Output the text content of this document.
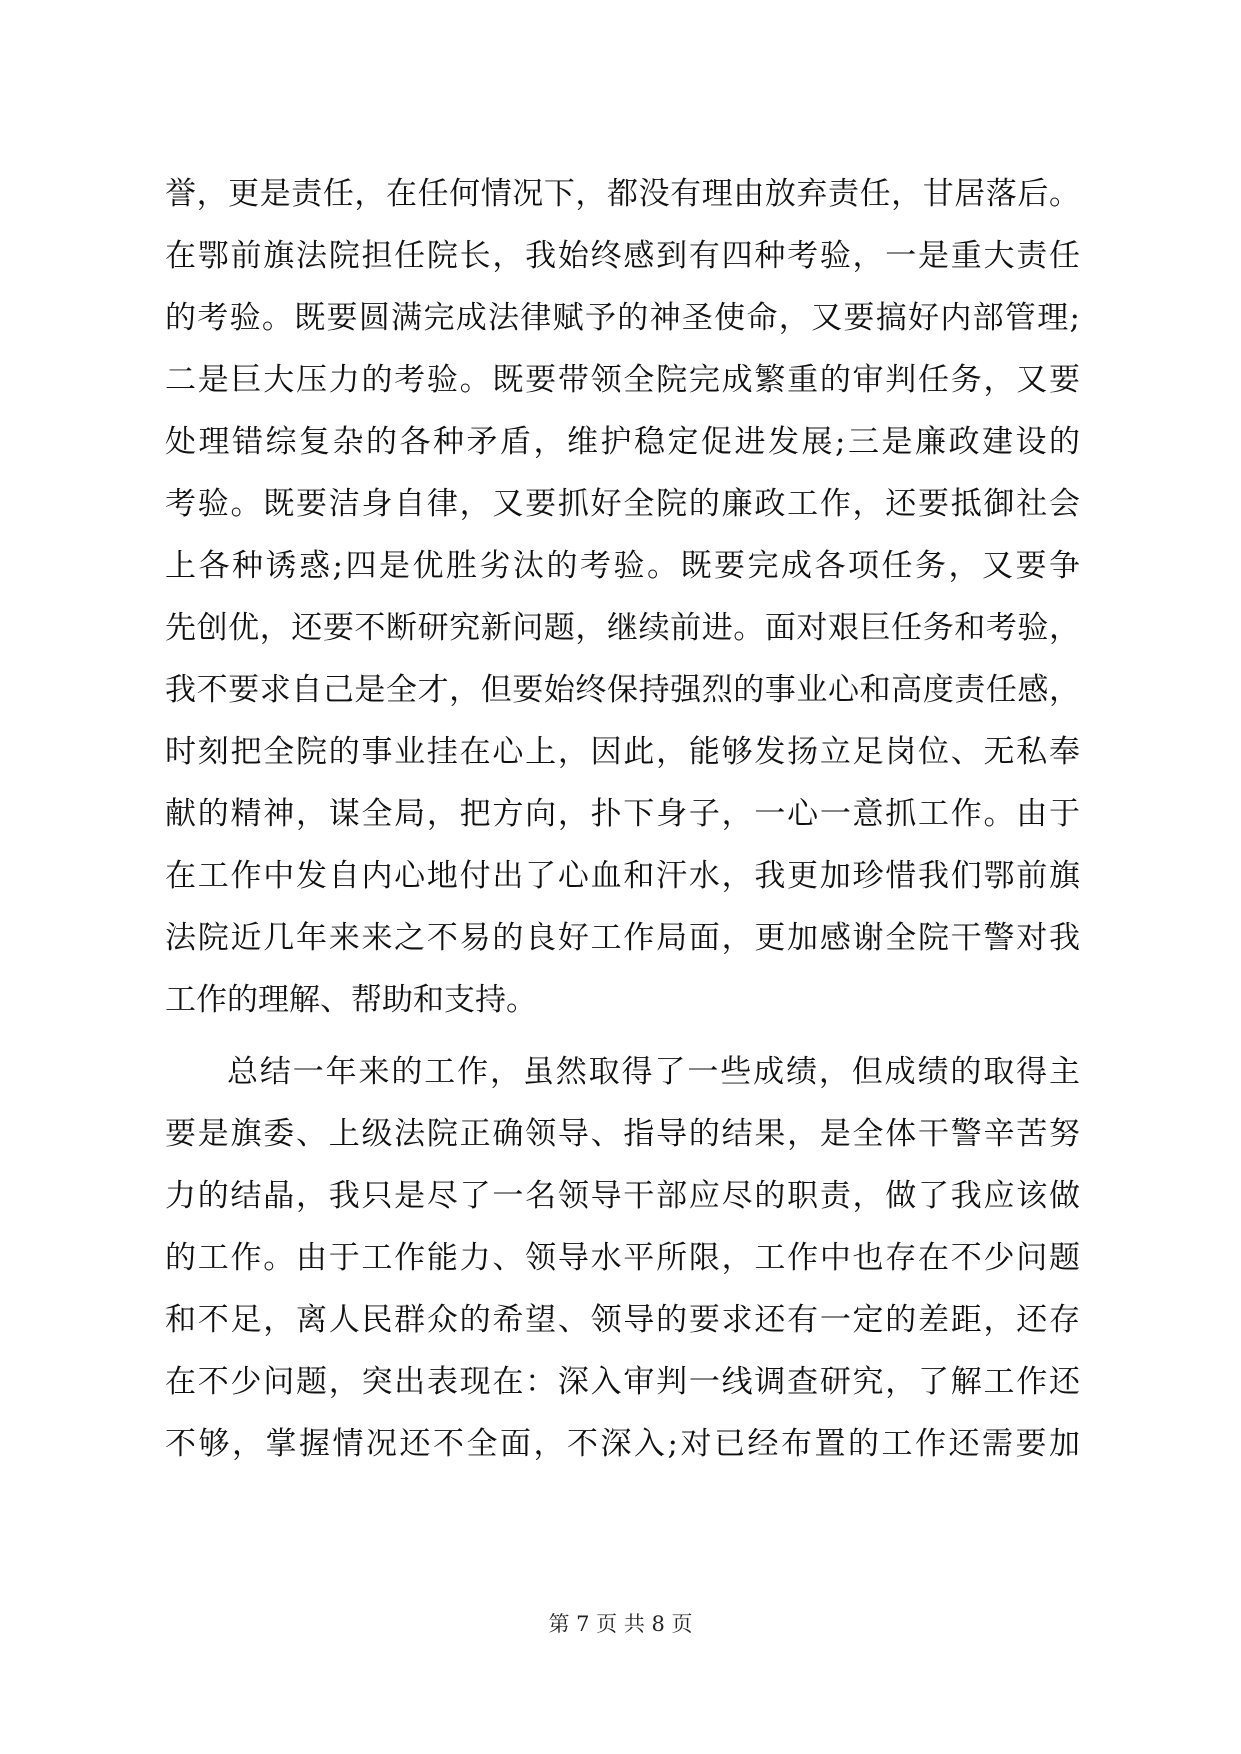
誉，更是责任，在任何情况下，都没有理由放弃责任，甘居落后。
在鄂前旗法院担任院长，我始终感到有四种考验，一是重大责任
的考验。既要圆满完成法律赋予的神圣使命，又要搞好内部管理;
二是巨大压力的考验。既要带领全院完成繁重的审判任务，又要
处理错综复杂的各种矛盾，维护稳定促进发展;三是廉政建设的
考验。既要洁身自律，又要抓好全院的廉政工作，还要抵御社会
上各种诱惑;四是优胜劣汰的考验。既要完成各项任务，又要争
先创优，还要不断研究新问题，继续前进。面对艰巨任务和考验，
我不要求自己是全才，但要始终保持强烈的事业心和高度责任感，
时刻把全院的事业挂在心上，因此，能够发扬立足岗位、无私奉
献的精神，谋全局，把方向，扑下身子，一心一意抓工作。由于
在工作中发自内心地付出了心血和汗水，我更加珍惜我们鄂前旗
法院近几年来来之不易的良好工作局面，更加感谢全院干警对我
工作的理解、帮助和支持。
总结一年来的工作，虽然取得了一些成绩，但成绩的取得主
要是旗委、上级法院正确领导、指导的结果，是全体干警辛苦努
力的结晶，我只是尽了一名领导干部应尽的职责，做了我应该做
的工作。由于工作能力、领导水平所限，工作中也存在不少问题
和不足，离人民群众的希望、领导的要求还有一定的差距，还存
在不少问题，突出表现在：深入审判一线调查研究，了解工作还
不够，掌握情况还不全面，不深入;对已经布置的工作还需要加
第 7 页 共 8 页
